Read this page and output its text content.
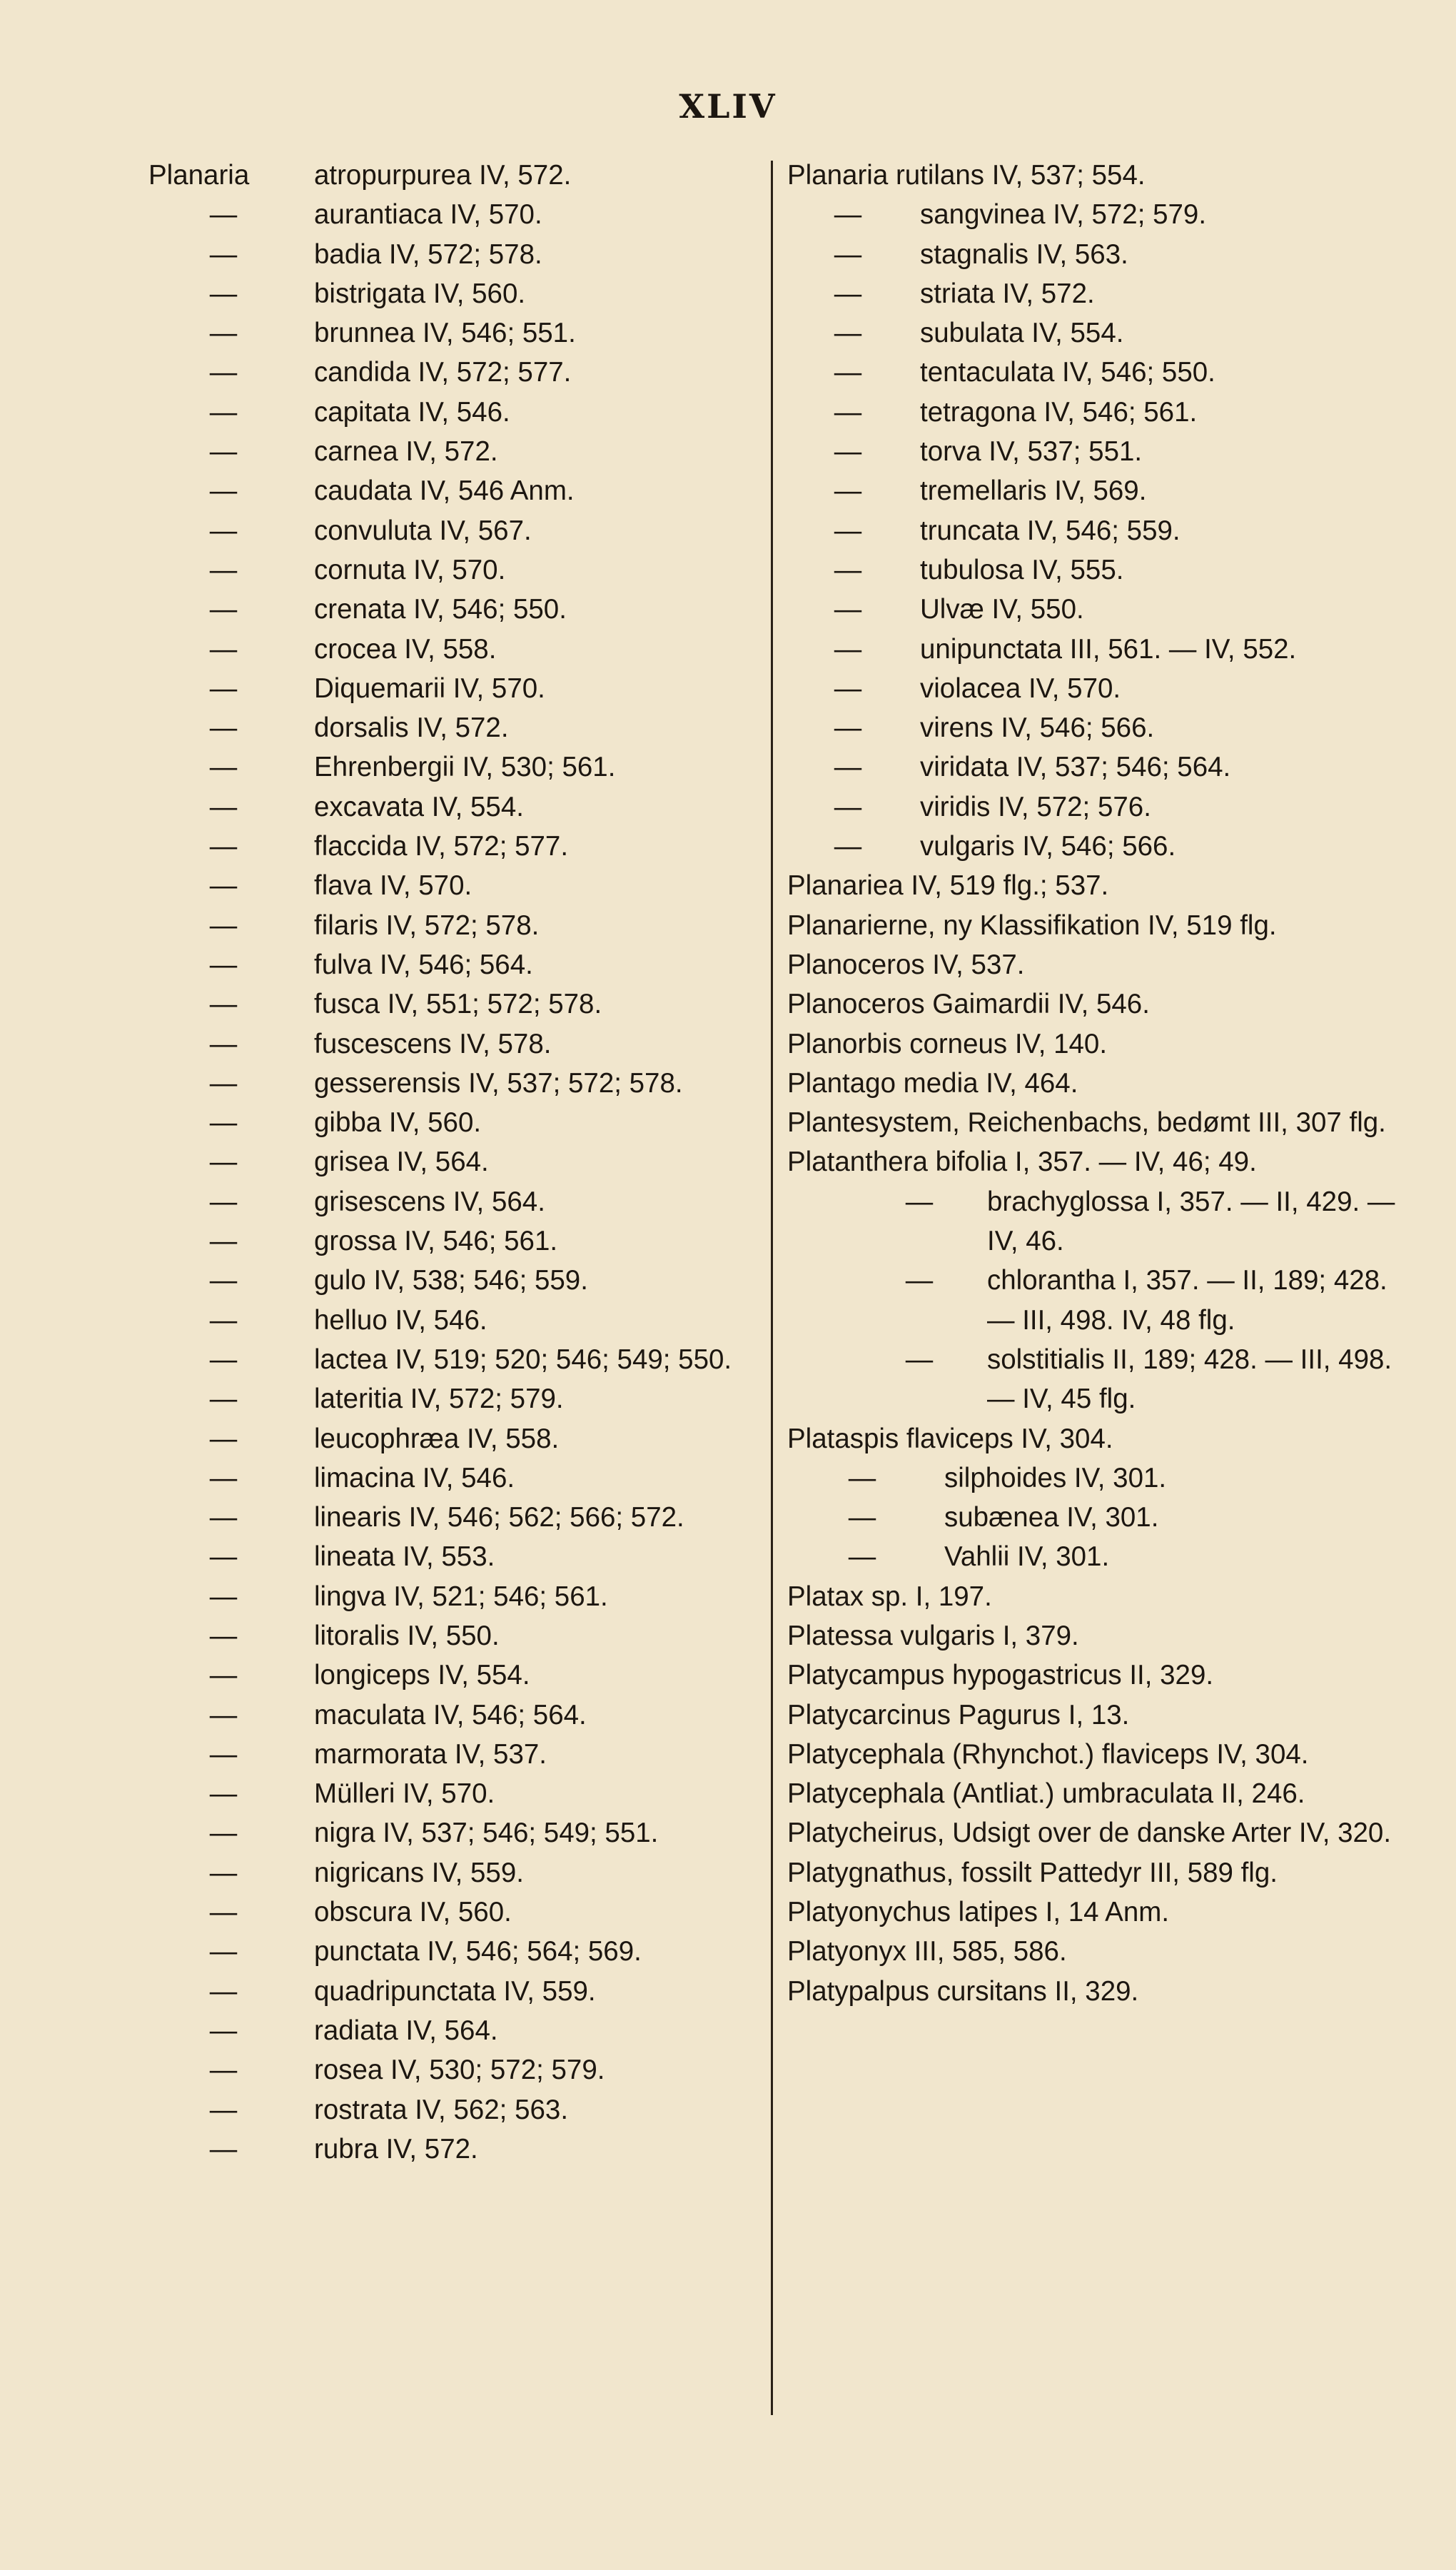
XLIV
Planaria	atropurpurea IV, 572.
—	aurantiaca IV, 570.
—	badia IV, 572; 578.
—	bistrigata IV, 560.
—	brunnea IV, 546; 551.
—	candida IV, 572; 577.
—	capitata IV, 546.
—	carnea IV, 572.
—	caudata IV, 546 Anm.
—	convuluta IV, 567.
—	cornuta IV, 570.
—	crenata IV, 546; 550.
—	crocea IV, 558.
—	Diquemarii IV, 570.
—	dorsalis IV, 572.
—	Ehrenbergii IV, 530; 561.
—	excavata IV, 554.
—	flaccida IV, 572; 577.
—	flava IV, 570.
—	filaris IV, 572; 578.
—	fulva IV, 546; 564.
—	fusca IV, 551; 572; 578.
—	fuscescens IV, 578.
—	gesserensis IV, 537; 572; 578.
—	gibba IV, 560.
—	grisea IV, 564.
—	grisescens IV, 564.
—	grossa IV, 546; 561.
—	gulo IV, 538; 546; 559.
—	helluo IV, 546.
—	lactea IV, 519; 520; 546; 549; 550.
—	lateritia IV, 572; 579.
—	leucophræa IV, 558.
—	limacina IV, 546.
—	linearis IV, 546; 562; 566; 572.
—	lineata IV, 553.
—	lingva IV, 521; 546; 561.
—	litoralis IV, 550.
—	longiceps IV, 554.
—	maculata IV, 546; 564.
—	marmorata IV, 537.
—	Mülleri IV, 570.
—	nigra IV, 537; 546; 549; 551.
—	nigricans IV, 559.
—	obscura IV, 560.
—	punctata IV, 546; 564; 569.
—	quadripunctata IV, 559.
—	radiata IV, 564.
—	rosea IV, 530; 572; 579.
—	rostrata IV, 562; 563.
—	rubra IV, 572.
Planaria rutilans IV, 537; 554.
—	sangvinea IV, 572; 579.
—	stagnalis IV, 563.
—	striata IV, 572.
—	subulata IV, 554.
—	tentaculata IV, 546; 550.
—	tetragona IV, 546; 561.
—	torva IV, 537; 551.
—	tremellaris IV, 569.
—	truncata IV, 546; 559.
—	tubulosa IV, 555.
—	Ulvæ IV, 550.
—	unipunctata III, 561. — IV, 552.
—	violacea IV, 570.
—	virens IV, 546; 566.
—	viridata IV, 537; 546; 564.
—	viridis IV, 572; 576.
—	vulgaris IV, 546; 566.
Planariea IV, 519 flg.; 537.
Planarierne, ny Klassifikation IV, 519 flg.
Planoceros IV, 537.
Planoceros Gaimardii IV, 546.
Planorbis corneus IV, 140.
Plantago media IV, 464.
Plantesystem, Reichenbachs, bedømt III, 307 flg.
Platanthera bifolia I, 357. — IV, 46; 49.
—	brachyglossa I, 357. — II, 429. — IV, 46.
—	chlorantha I, 357. — II, 189; 428. — III, 498. IV, 48 flg.
—	solstitialis II, 189; 428. — III, 498. — IV, 45 flg.
Plataspis flaviceps IV, 304.
—	silphoides IV, 301.
—	subænea IV, 301.
—	Vahlii IV, 301.
Platax sp. I, 197.
Platessa vulgaris I, 379.
Platycampus hypogastricus II, 329.
Platycarcinus Pagurus I, 13.
Platycephala (Rhynchot.) flaviceps IV, 304.
Platycephala (Antliat.) umbraculata II, 246.
Platycheirus, Udsigt over de danske Arter IV, 320.
Platygnathus, fossilt Pattedyr III, 589 flg.
Platyonychus latipes I, 14 Anm.
Platyonyx III, 585, 586.
Platypalpus cursitans II, 329.
